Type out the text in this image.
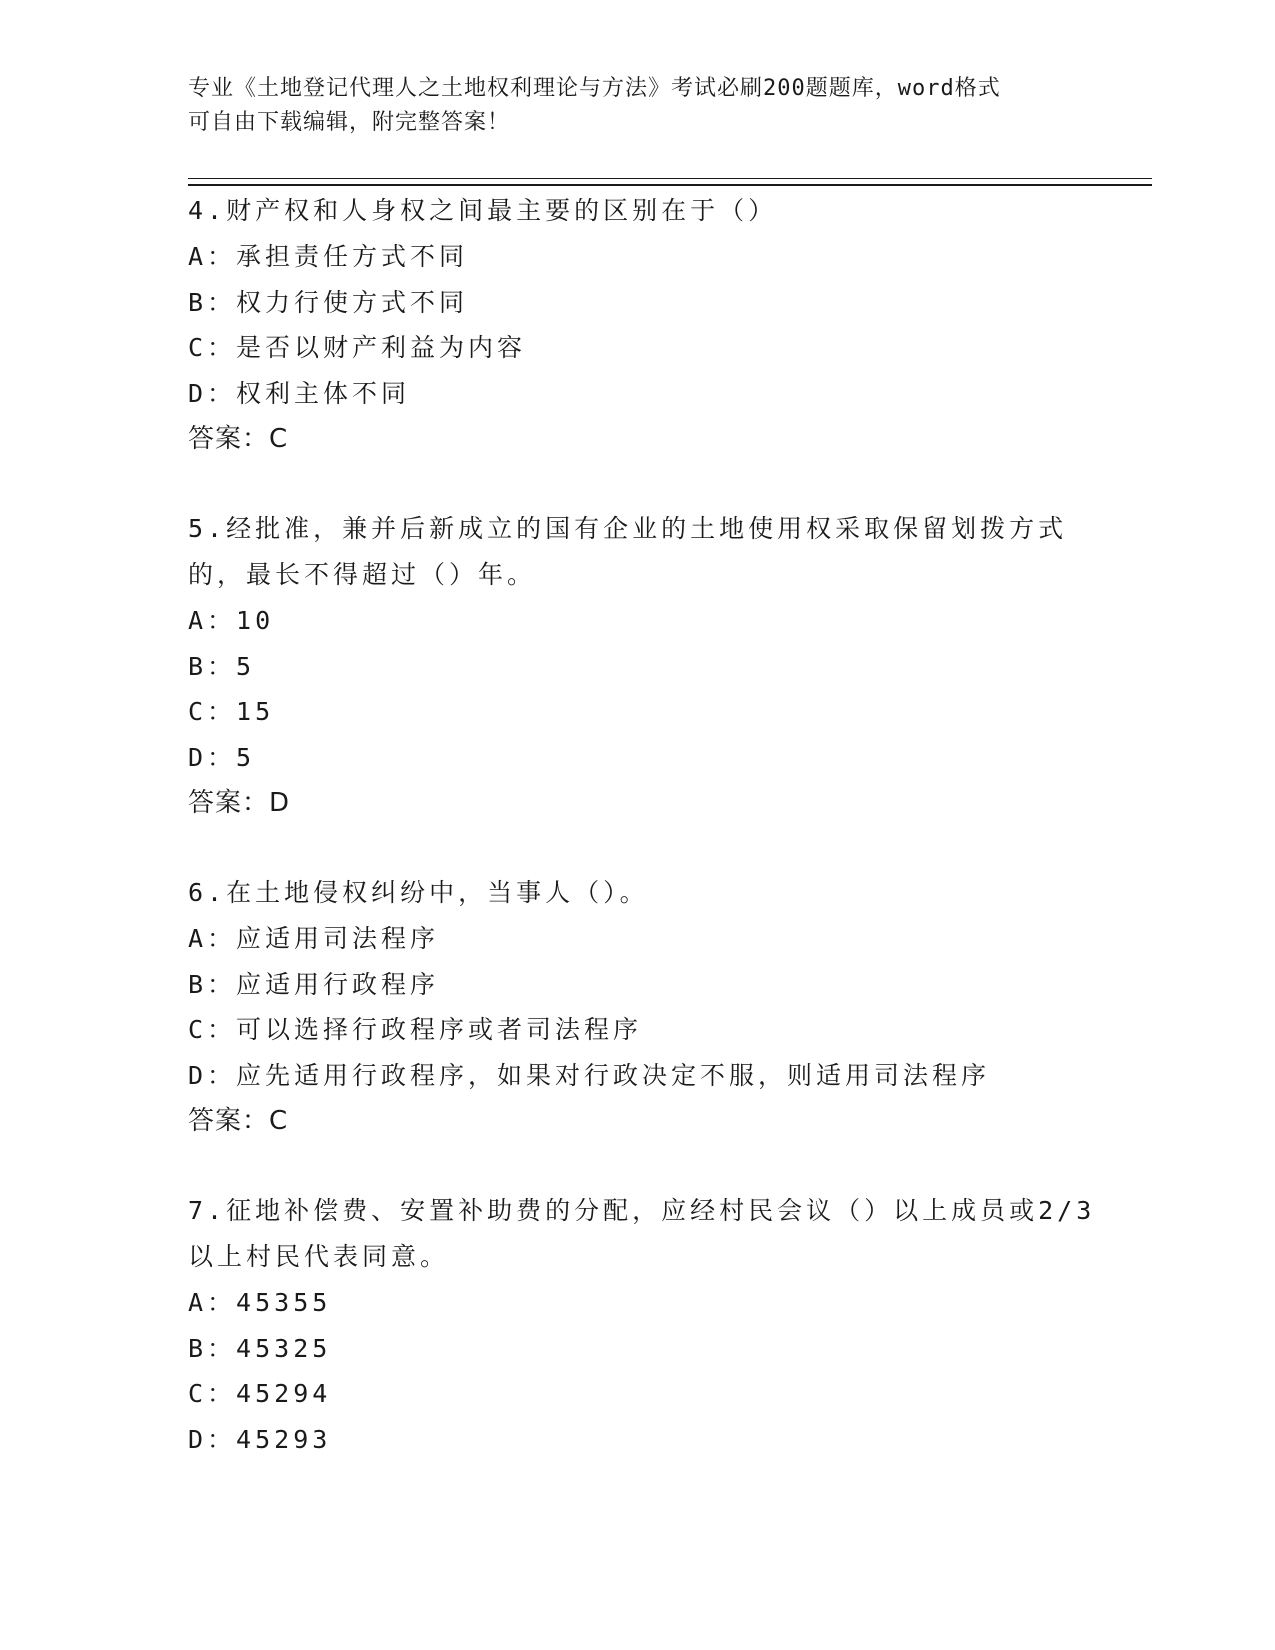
专业《土地登记代理人之土地权利理论与方法》考试必刷200题题库，word格式
可自由下载编辑，附完整答案！

4.财产权和人身权之间最主要的区别在于（）

A：承担责任方式不同

B：权力行使方式不同

C：是否以财产利益为内容

D：权利主体不同

答案：C

5.经批准，兼并后新成立的国有企业的土地使用权采取保留划拨方式

的，最长不得超过（）年。

A：10

B：5

C：15

D：5

答案：D

6.在土地侵权纠纷中，当事人（）。

A：应适用司法程序

B：应适用行政程序

C：可以选择行政程序或者司法程序

D：应先适用行政程序，如果对行政决定不服，则适用司法程序

答案：C

7.征地补偿费、安置补助费的分配，应经村民会议（）以上成员或2/3

以上村民代表同意。

A：45355

B：45325

C：45294

D：45293
